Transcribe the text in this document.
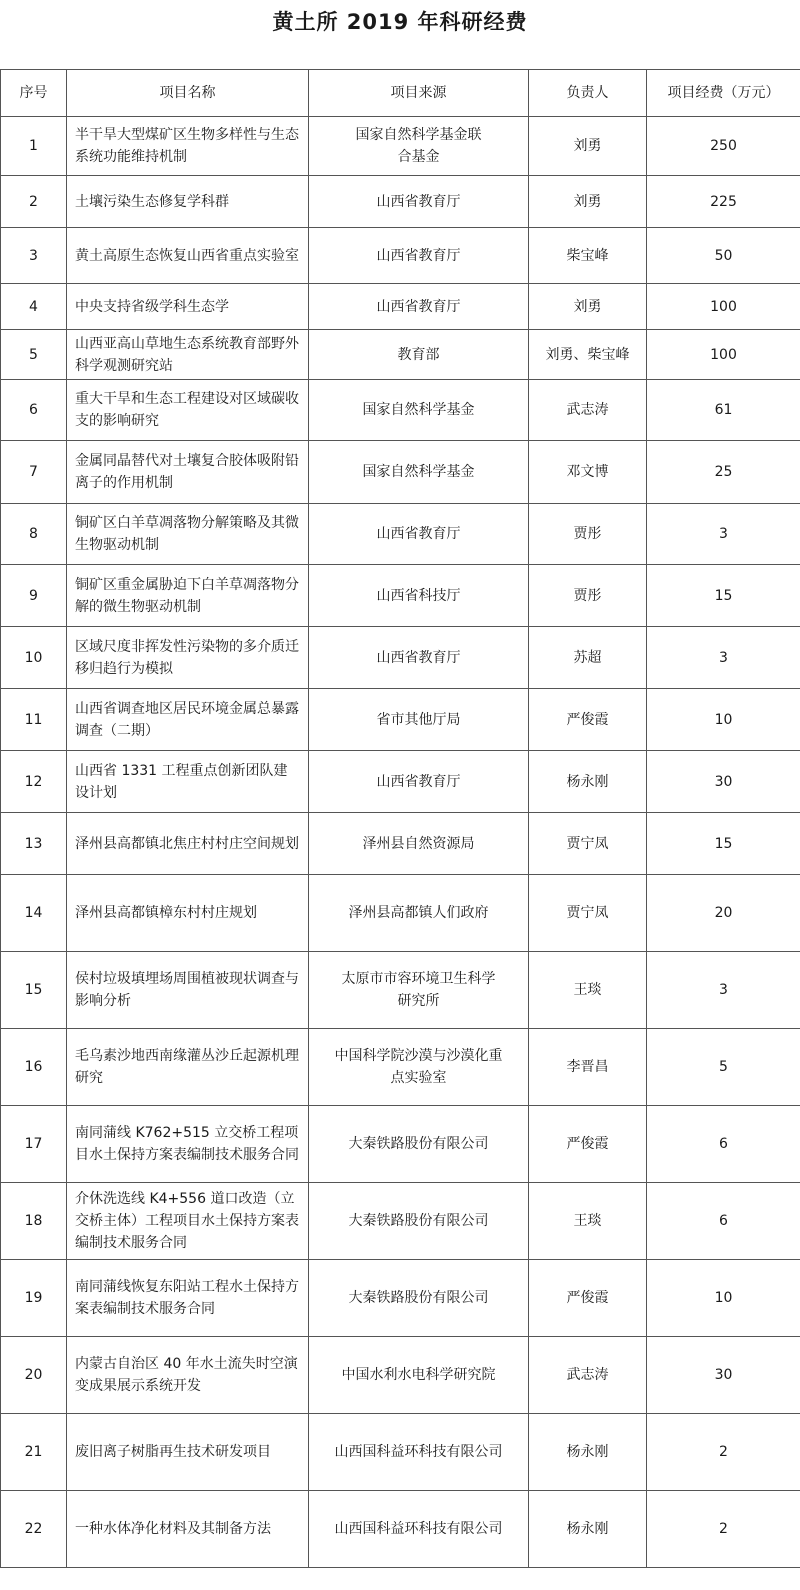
黄土所 2019 年科研经费
序号	项目名称	项目来源	负责人	项目经费（万元）
1	半干旱大型煤矿区生物多样性与生态系统功能维持机制	国家自然科学基金联合基金	刘勇	250
2	土壤污染生态修复学科群	山西省教育厅	刘勇	225
3	黄土高原生态恢复山西省重点实验室	山西省教育厅	柴宝峰	50
4	中央支持省级学科生态学	山西省教育厅	刘勇	100
5	山西亚高山草地生态系统教育部野外科学观测研究站	教育部	刘勇、柴宝峰	100
6	重大干旱和生态工程建设对区域碳收支的影响研究	国家自然科学基金	武志涛	61
7	金属同晶替代对土壤复合胶体吸附铅离子的作用机制	国家自然科学基金	邓文博	25
8	铜矿区白羊草凋落物分解策略及其微生物驱动机制	山西省教育厅	贾彤	3
9	铜矿区重金属胁迫下白羊草凋落物分解的微生物驱动机制	山西省科技厅	贾彤	15
10	区域尺度非挥发性污染物的多介质迁移归趋行为模拟	山西省教育厅	苏超	3
11	山西省调查地区居民环境金属总暴露调查（二期）	省市其他厅局	严俊霞	10
12	山西省 1331 工程重点创新团队建设计划	山西省教育厅	杨永刚	30
13	泽州县高都镇北焦庄村村庄空间规划	泽州县自然资源局	贾宁凤	15
14	泽州县高都镇樟东村村庄规划	泽州县高都镇人们政府	贾宁凤	20
15	侯村垃圾填埋场周围植被现状调查与影响分析	太原市市容环境卫生科学研究所	王琰	3
16	毛乌素沙地西南缘灌丛沙丘起源机理研究	中国科学院沙漠与沙漠化重点实验室	李晋昌	5
17	南同蒲线 K762+515 立交桥工程项目水土保持方案表编制技术服务合同	大秦铁路股份有限公司	严俊霞	6
18	介休洗选线 K4+556 道口改造（立交桥主体）工程项目水土保持方案表编制技术服务合同	大秦铁路股份有限公司	王琰	6
19	南同蒲线恢复东阳站工程水土保持方案表编制技术服务合同	大秦铁路股份有限公司	严俊霞	10
20	内蒙古自治区 40 年水土流失时空演变成果展示系统开发	中国水利水电科学研究院	武志涛	30
21	废旧离子树脂再生技术研发项目	山西国科益环科技有限公司	杨永刚	2
22	一种水体净化材料及其制备方法	山西国科益环科技有限公司	杨永刚	2
